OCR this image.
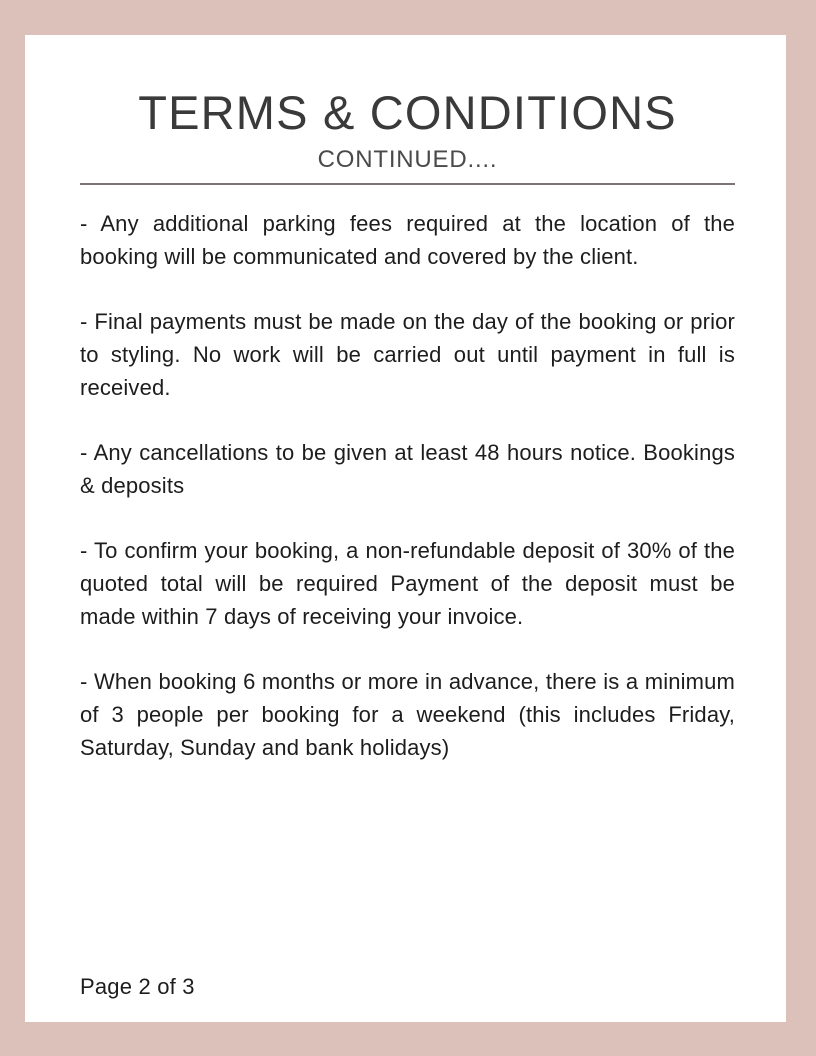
TERMS & CONDITIONS
CONTINUED....

- Any additional parking fees required at the location of the booking will be communicated and covered by the client.

- Final payments must be made on the day of the booking or prior to styling. No work will be carried out until payment in full is received.

- Any cancellations to be given at least 48 hours notice. Bookings & deposits

- To confirm your booking, a non-refundable deposit of 30% of the quoted total will be required Payment of the deposit must be made within 7 days of receiving your invoice.

- When booking 6 months or more in advance, there is a minimum of 3 people per booking for a weekend (this includes Friday, Saturday, Sunday and bank holidays)

Page 2 of 3
